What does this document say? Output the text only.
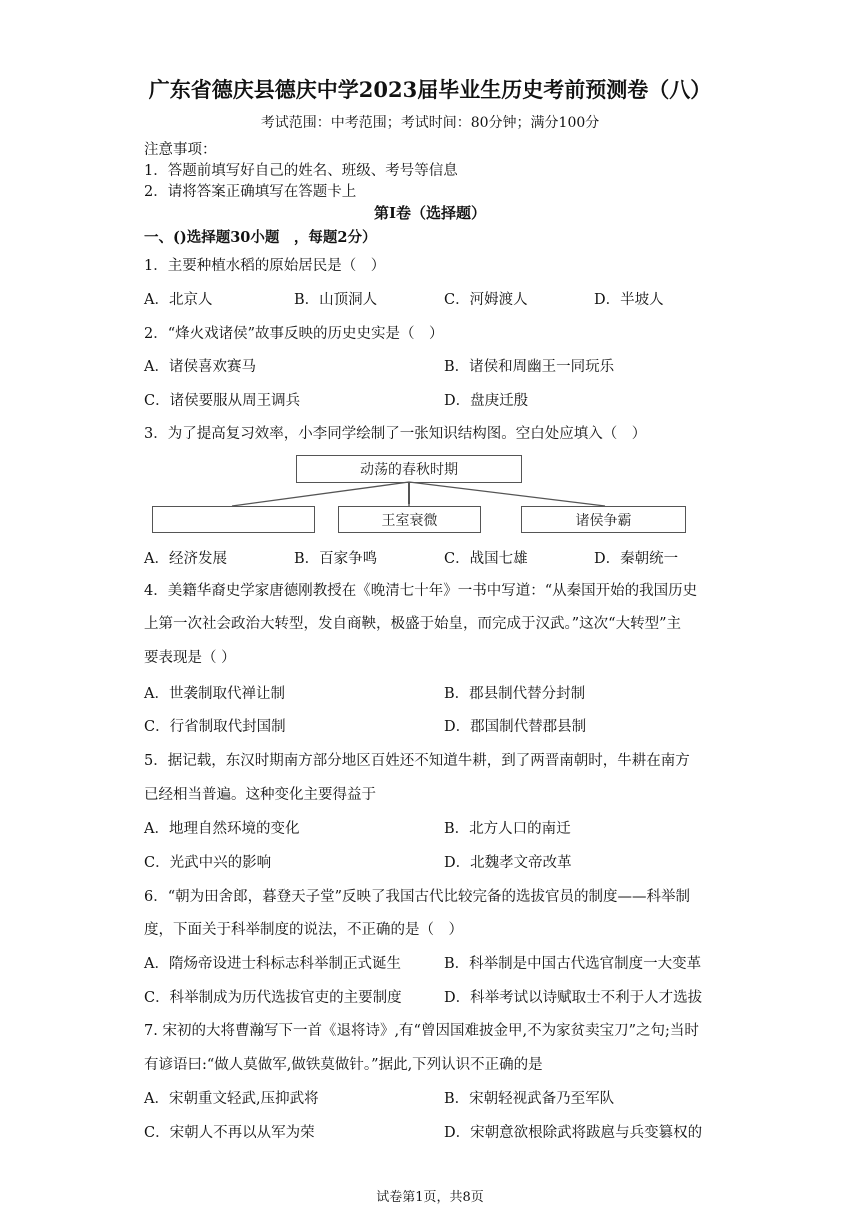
广东省德庆县德庆中学2023届毕业生历史考前预测卷（八）
考试范围：中考范围；考试时间：80分钟；满分100分
注意事项：
1．答题前填写好自己的姓名、班级、考号等信息
2．请将答案正确填写在答题卡上
第I卷（选择题）
一、()选择题30小题　，每题2分）
1．主要种植水稻的原始居民是（　）
A．北京人	B．山顶洞人	C．河姆渡人	D．半坡人
2．“烽火戏诸侯”故事反映的历史史实是（　）
A．诸侯喜欢赛马	B．诸侯和周幽王一同玩乐
C．诸侯要服从周王调兵	D．盘庚迁殷
3．为了提高复习效率，小李同学绘制了一张知识结构图。空白处应填入（　）
动荡的春秋时期
王室衰微	诸侯争霸
A．经济发展	B．百家争鸣	C．战国七雄	D．秦朝统一
4．美籍华裔史学家唐德刚教授在《晚清七十年》一书中写道：“从秦国开始的我国历史
上第一次社会政治大转型，发自商鞅，极盛于始皇，而完成于汉武。”这次“大转型”主
要表现是（ ）
A．世袭制取代禅让制	B．郡县制代替分封制
C．行省制取代封国制	D．郡国制代替郡县制
5．据记载，东汉时期南方部分地区百姓还不知道牛耕，到了两晋南朝时，牛耕在南方
已经相当普遍。这种变化主要得益于
A．地理自然环境的变化	B．北方人口的南迁
C．光武中兴的影响	D．北魏孝文帝改革
6．“朝为田舍郎，暮登天子堂”反映了我国古代比较完备的选拔官员的制度——科举制
度，下面关于科举制度的说法，不正确的是（　）
A．隋炀帝设进士科标志科举制正式诞生	B．科举制是中国古代选官制度一大变革
C．科举制成为历代选拔官吏的主要制度	D．科举考试以诗赋取士不利于人才选拔
7. 宋初的大将曹瀚写下一首《退将诗》,有“曾因国难披金甲,不为家贫卖宝刀”之句;当时
有谚语曰:“做人莫做军,做铁莫做针。”据此,下列认识不正确的是
A．宋朝重文轻武,压抑武将	B．宋朝轻视武备乃至军队
C．宋朝人不再以从军为荣	D．宋朝意欲根除武将跋扈与兵变篡权的
试卷第1页，共8页
